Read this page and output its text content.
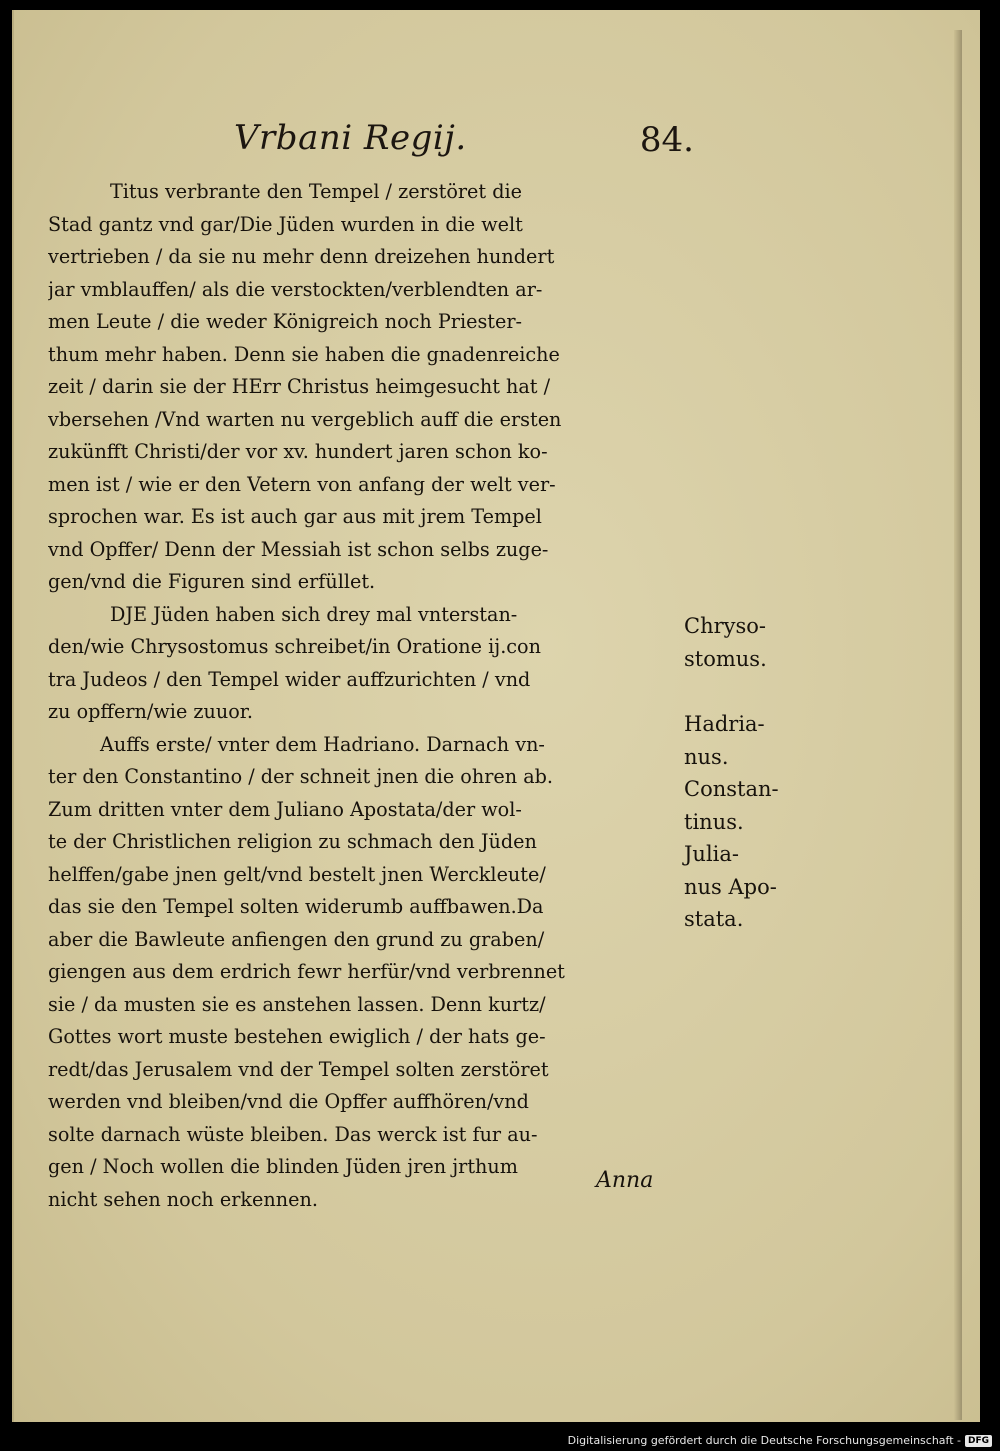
Vrbani Regij.	84.
Titus verbrante den Tempel / zerstöret die
Stad gantz vnd gar/Die Jüden wurden in die welt
vertrieben / da sie nu mehr denn dreizehen hundert
jar vmblauffen/ als die verstockten/verblendten ar-
men Leute / die weder Königreich noch Priester-
thum mehr haben. Denn sie haben die gnadenreiche
zeit / darin sie der HErr Christus heimgesucht hat /
vbersehen /Vnd warten nu vergeblich auff die ersten
zukünfft Christi/der vor xv. hundert jaren schon ko-
men ist / wie er den Vetern von anfang der welt ver-
sprochen war. Es ist auch gar aus mit jrem Tempel
vnd Opffer/ Denn der Messiah ist schon selbs zuge-
gen/vnd die Figuren sind erfüllet.
DJE Jüden haben sich drey mal vnterstan-
den/wie Chrysostomus schreibet/in Oratione ij.con
tra Judeos / den Tempel wider auffzurichten / vnd
zu opffern/wie zuuor.
Auffs erste/ vnter dem Hadriano. Darnach vn-
ter den Constantino / der schneit jnen die ohren ab.
Zum dritten vnter dem Juliano Apostata/der wol-
te der Christlichen religion zu schmach den Jüden
helffen/gabe jnen gelt/vnd bestelt jnen Werckleute/
das sie den Tempel solten widerumb auffbawen.Da
aber die Bawleute anfiengen den grund zu graben/
giengen aus dem erdrich fewr herfür/vnd verbrennet
sie / da musten sie es anstehen lassen. Denn kurtz/
Gottes wort muste bestehen ewiglich / der hats ge-
redt/das Jerusalem vnd der Tempel solten zerstöret
werden vnd bleiben/vnd die Opffer auffhören/vnd
solte darnach wüste bleiben. Das werck ist fur au-
gen / Noch wollen die blinden Jüden jren jrthum
nicht sehen noch erkennen.
Chryso-
stomus.
Hadria-
nus.
Constan-
tinus.
Julia-
nus Apo-
stata.
Anna
Digitalisierung gefördert durch die Deutsche Forschungsgemeinschaft - DFG
